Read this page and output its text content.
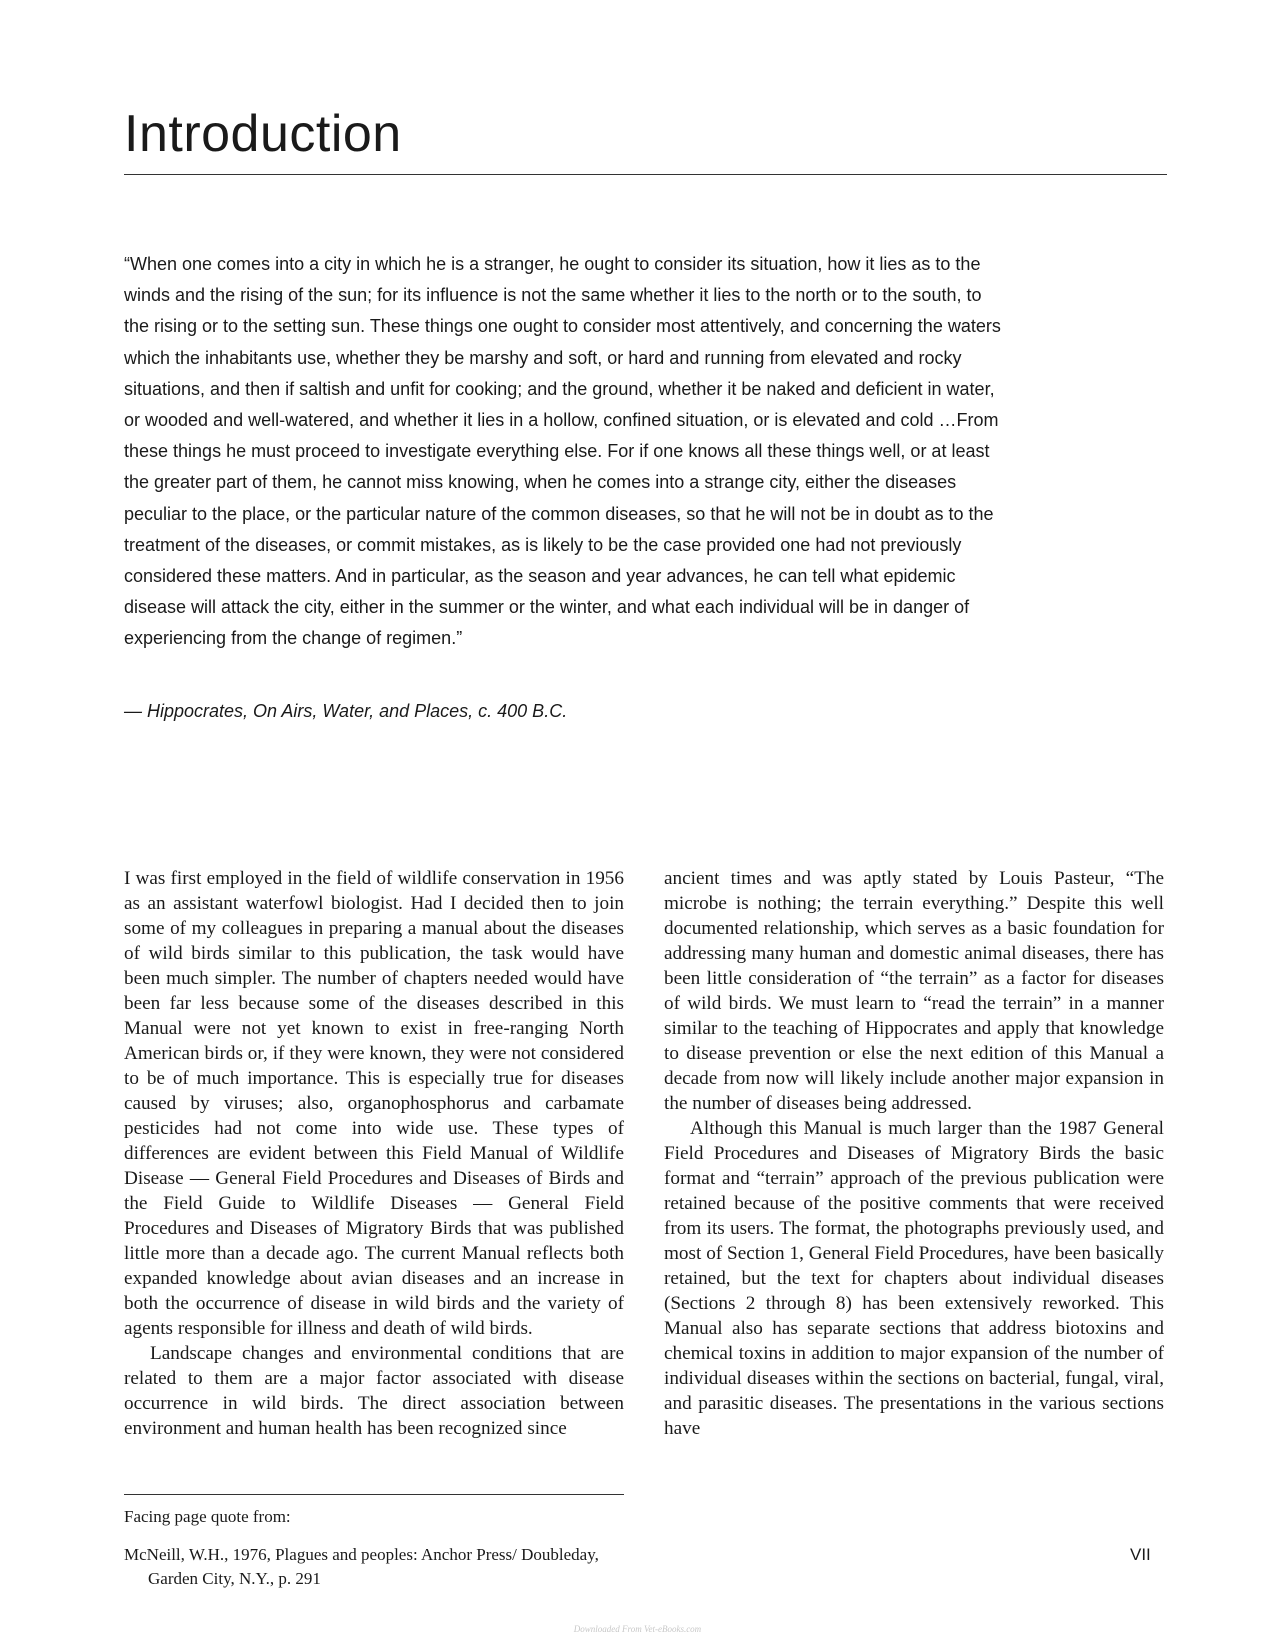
Introduction

“When one comes into a city in which he is a stranger, he ought to consider its situation, how it lies as to the winds and the rising of the sun; for its influence is not the same whether it lies to the north or to the south, to the rising or to the setting sun. These things one ought to consider most attentively, and concerning the waters which the inhabitants use, whether they be marshy and soft, or hard and running from elevated and rocky situations, and then if saltish and unfit for cooking; and the ground, whether it be naked and deficient in water, or wooded and well-watered, and whether it lies in a hollow, confined situation, or is elevated and cold …From these things he must proceed to investigate everything else. For if one knows all these things well, or at least the greater part of them, he cannot miss knowing, when he comes into a strange city, either the diseases peculiar to the place, or the particular nature of the common diseases, so that he will not be in doubt as to the treatment of the diseases, or commit mistakes, as is likely to be the case provided one had not previously considered these matters. And in particular, as the season and year advances, he can tell what epidemic disease will attack the city, either in the summer or the winter, and what each individual will be in danger of experiencing from the change of regimen.”

— Hippocrates, On Airs, Water, and Places, c. 400 B.C.

I was first employed in the field of wildlife conservation in 1956 as an assistant waterfowl biologist. Had I decided then to join some of my colleagues in preparing a manual about the diseases of wild birds similar to this publication, the task would have been much simpler. The number of chapters needed would have been far less because some of the diseases described in this Manual were not yet known to exist in free-ranging North American birds or, if they were known, they were not considered to be of much importance. This is especially true for diseases caused by viruses; also, organophosphorus and carbamate pesticides had not come into wide use. These types of differences are evident between this Field Manual of Wildlife Disease — General Field Procedures and Diseases of Birds and the Field Guide to Wildlife Diseases — General Field Procedures and Diseases of Migratory Birds that was published little more than a decade ago. The current Manual reflects both expanded knowledge about avian diseases and an increase in both the occurrence of disease in wild birds and the variety of agents responsible for illness and death of wild birds.

Landscape changes and environmental conditions that are related to them are a major factor associated with disease occurrence in wild birds. The direct association between environment and human health has been recognized since

ancient times and was aptly stated by Louis Pasteur, “The microbe is nothing; the terrain everything.” Despite this well documented relationship, which serves as a basic foundation for addressing many human and domestic animal diseases, there has been little consideration of “the terrain” as a factor for diseases of wild birds. We must learn to “read the terrain” in a manner similar to the teaching of Hippocrates and apply that knowledge to disease prevention or else the next edition of this Manual a decade from now will likely include another major expansion in the number of diseases being addressed.

Although this Manual is much larger than the 1987 General Field Procedures and Diseases of Migratory Birds the basic format and “terrain” approach of the previous publication were retained because of the positive comments that were received from its users. The format, the photographs previously used, and most of Section 1, General Field Procedures, have been basically retained, but the text for chapters about individual diseases (Sections 2 through 8) has been extensively reworked. This Manual also has separate sections that address biotoxins and chemical toxins in addition to major expansion of the number of individual diseases within the sections on bacterial, fungal, viral, and parasitic diseases. The presentations in the various sections have

Facing page quote from:

McNeill, W.H., 1976, Plagues and peoples: Anchor Press/ Doubleday, Garden City, N.Y., p. 291

VII

Downloaded From Vet-eBooks.com
